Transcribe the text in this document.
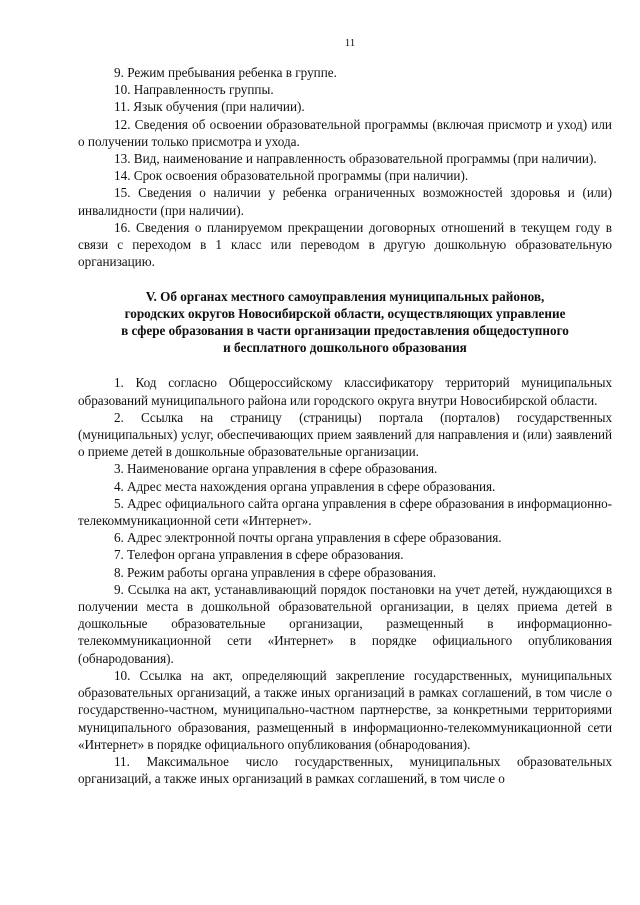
11

9. Режим пребывания ребенка в группе.

10. Направленность группы.

11. Язык обучения (при наличии).

12. Сведения об освоении образовательной программы (включая присмотр и уход) или о получении только присмотра и ухода.

13. Вид, наименование и направленность образовательной программы (при наличии).

14. Срок освоения образовательной программы (при наличии).

15. Сведения о наличии у ребенка ограниченных возможностей здоровья и (или) инвалидности (при наличии).

16. Сведения о планируемом прекращении договорных отношений в текущем году в связи с переходом в 1 класс или переводом в другую дошкольную образовательную организацию.

V. Об органах местного самоуправления муниципальных районов,
городских округов Новосибирской области, осуществляющих управление
в сфере образования в части организации предоставления общедоступного
и бесплатного дошкольного образования

1. Код согласно Общероссийскому классификатору территорий муниципальных образований муниципального района или городского округа внутри Новосибирской области.

2. Ссылка на страницу (страницы) портала (порталов) государственных (муниципальных) услуг, обеспечивающих прием заявлений для направления и (или) заявлений о приеме детей в дошкольные образовательные организации.

3. Наименование органа управления в сфере образования.

4. Адрес места нахождения органа управления в сфере образования.

5. Адрес официального сайта органа управления в сфере образования в информационно-телекоммуникационной сети «Интернет».

6. Адрес электронной почты органа управления в сфере образования.

7. Телефон органа управления в сфере образования.

8. Режим работы органа управления в сфере образования.

9. Ссылка на акт, устанавливающий порядок постановки на учет детей, нуждающихся в получении места в дошкольной образовательной организации, в целях приема детей в дошкольные образовательные организации, размещенный в информационно-телекоммуникационной сети «Интернет» в порядке официального опубликования (обнародования).

10. Ссылка на акт, определяющий закрепление государственных, муниципальных образовательных организаций, а также иных организаций в рамках соглашений, в том числе о государственно-частном, муниципально-частном партнерстве, за конкретными территориями муниципального образования, размещенный в информационно-телекоммуникационной сети «Интернет» в порядке официального опубликования (обнародования).

11. Максимальное число государственных, муниципальных образовательных организаций, а также иных организаций в рамках соглашений, в том числе о
